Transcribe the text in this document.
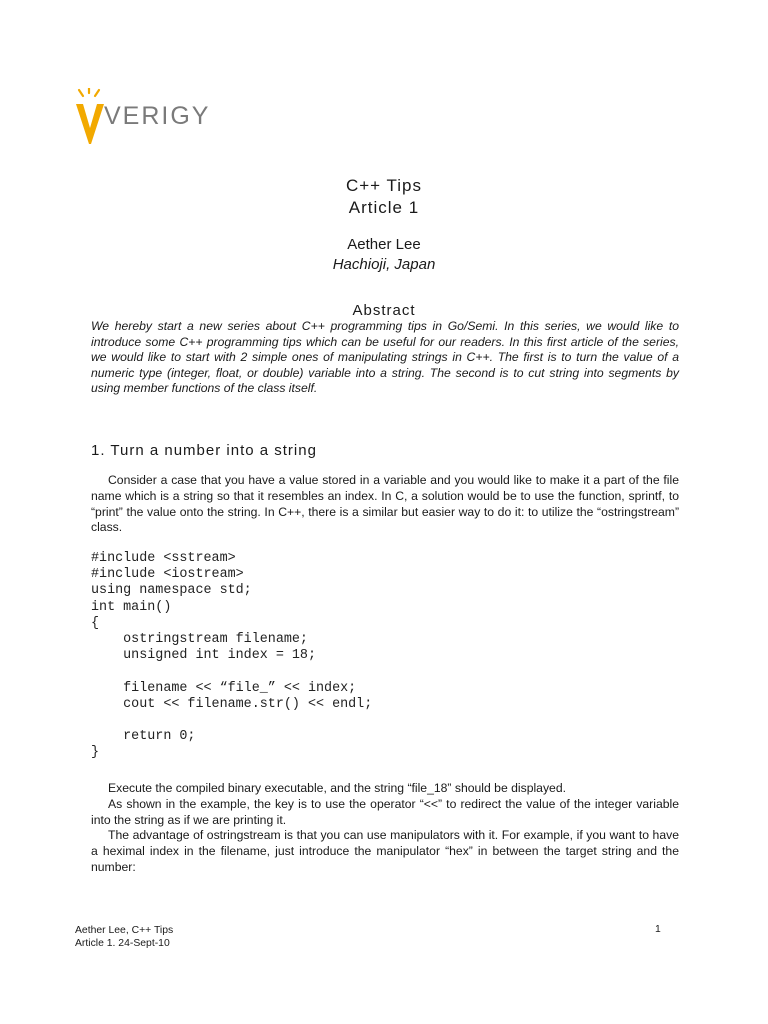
VERIGY
C++ Tips
Article 1
Aether Lee
Hachioji, Japan
Abstract
We hereby start a new series about C++ programming tips in Go/Semi. In this series, we would like to introduce some C++ programming tips which can be useful for our readers. In this first article of the series, we would like to start with 2 simple ones of manipulating strings in C++. The first is to turn the value of a numeric type (integer, float, or double) variable into a string. The second is to cut string into segments by using member functions of the class itself.
1. Turn a number into a string
Consider a case that you have a value stored in a variable and you would like to make it a part of the file name which is a string so that it resembles an index. In C, a solution would be to use the function, sprintf, to “print” the value onto the string. In C++, there is a similar but easier way to do it: to utilize the “ostringstream” class.
#include <sstream>
#include <iostream>
using namespace std;
int main()
{
ostringstream filename;
unsigned int index = 18;

filename << “file_” << index;
cout << filename.str() << endl;

return 0;
}
Execute the compiled binary executable, and the string “file_18” should be displayed.
As shown in the example, the key is to use the operator “<<” to redirect the value of the integer variable into the string as if we are printing it.
The advantage of ostringstream is that you can use manipulators with it. For example, if you want to have a heximal index in the filename, just introduce the manipulator “hex” in between the target string and the number:
Aether Lee, C++ Tips
Article 1. 24-Sept-10
1
